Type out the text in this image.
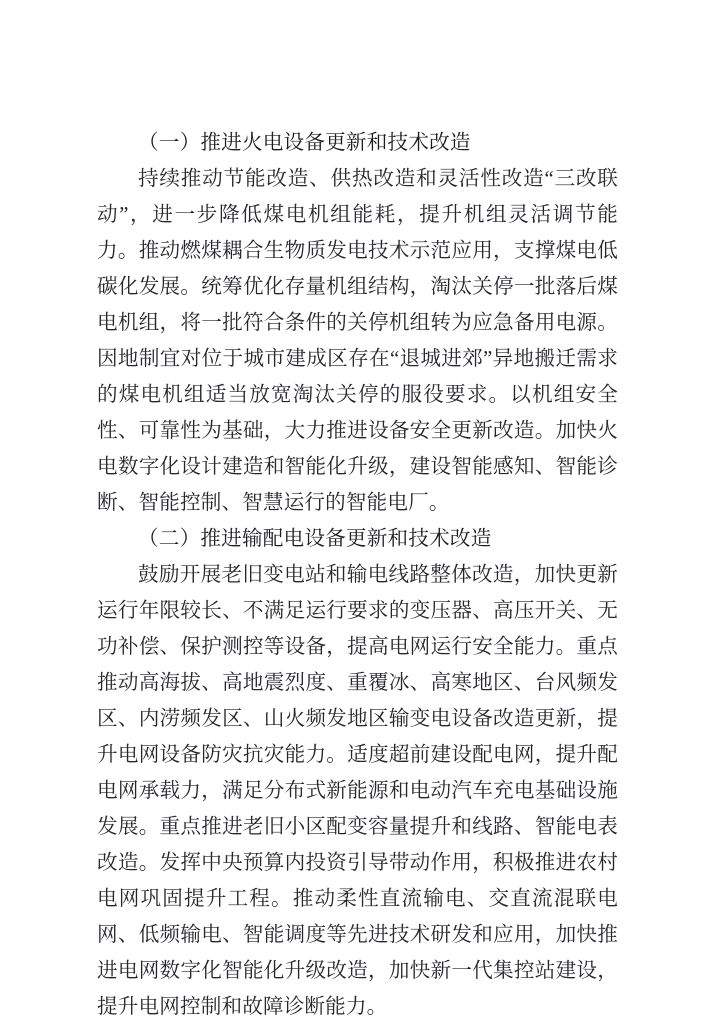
（一）推进火电设备更新和技术改造

持续推动节能改造、供热改造和灵活性改造“三改联动”，进一步降低煤电机组能耗，提升机组灵活调节能力。推动燃煤耦合生物质发电技术示范应用，支撑煤电低碳化发展。统筹优化存量机组结构，淘汰关停一批落后煤电机组，将一批符合条件的关停机组转为应急备用电源。因地制宜对位于城市建成区存在“退城进郊”异地搬迁需求的煤电机组适当放宽淘汰关停的服役要求。以机组安全性、可靠性为基础，大力推进设备安全更新改造。加快火电数字化设计建造和智能化升级，建设智能感知、智能诊断、智能控制、智慧运行的智能电厂。

（二）推进输配电设备更新和技术改造

鼓励开展老旧变电站和输电线路整体改造，加快更新运行年限较长、不满足运行要求的变压器、高压开关、无功补偿、保护测控等设备，提高电网运行安全能力。重点推动高海拔、高地震烈度、重覆冰、高寒地区、台风频发区、内涝频发区、山火频发地区输变电设备改造更新，提升电网设备防灾抗灾能力。适度超前建设配电网，提升配电网承载力，满足分布式新能源和电动汽车充电基础设施发展。重点推进老旧小区配变容量提升和线路、智能电表改造。发挥中央预算内投资引导带动作用，积极推进农村电网巩固提升工程。推动柔性直流输电、交直流混联电网、低频输电、智能调度等先进技术研发和应用，加快推进电网数字化智能化升级改造，加快新一代集控站建设，提升电网控制和故障诊断能力。
